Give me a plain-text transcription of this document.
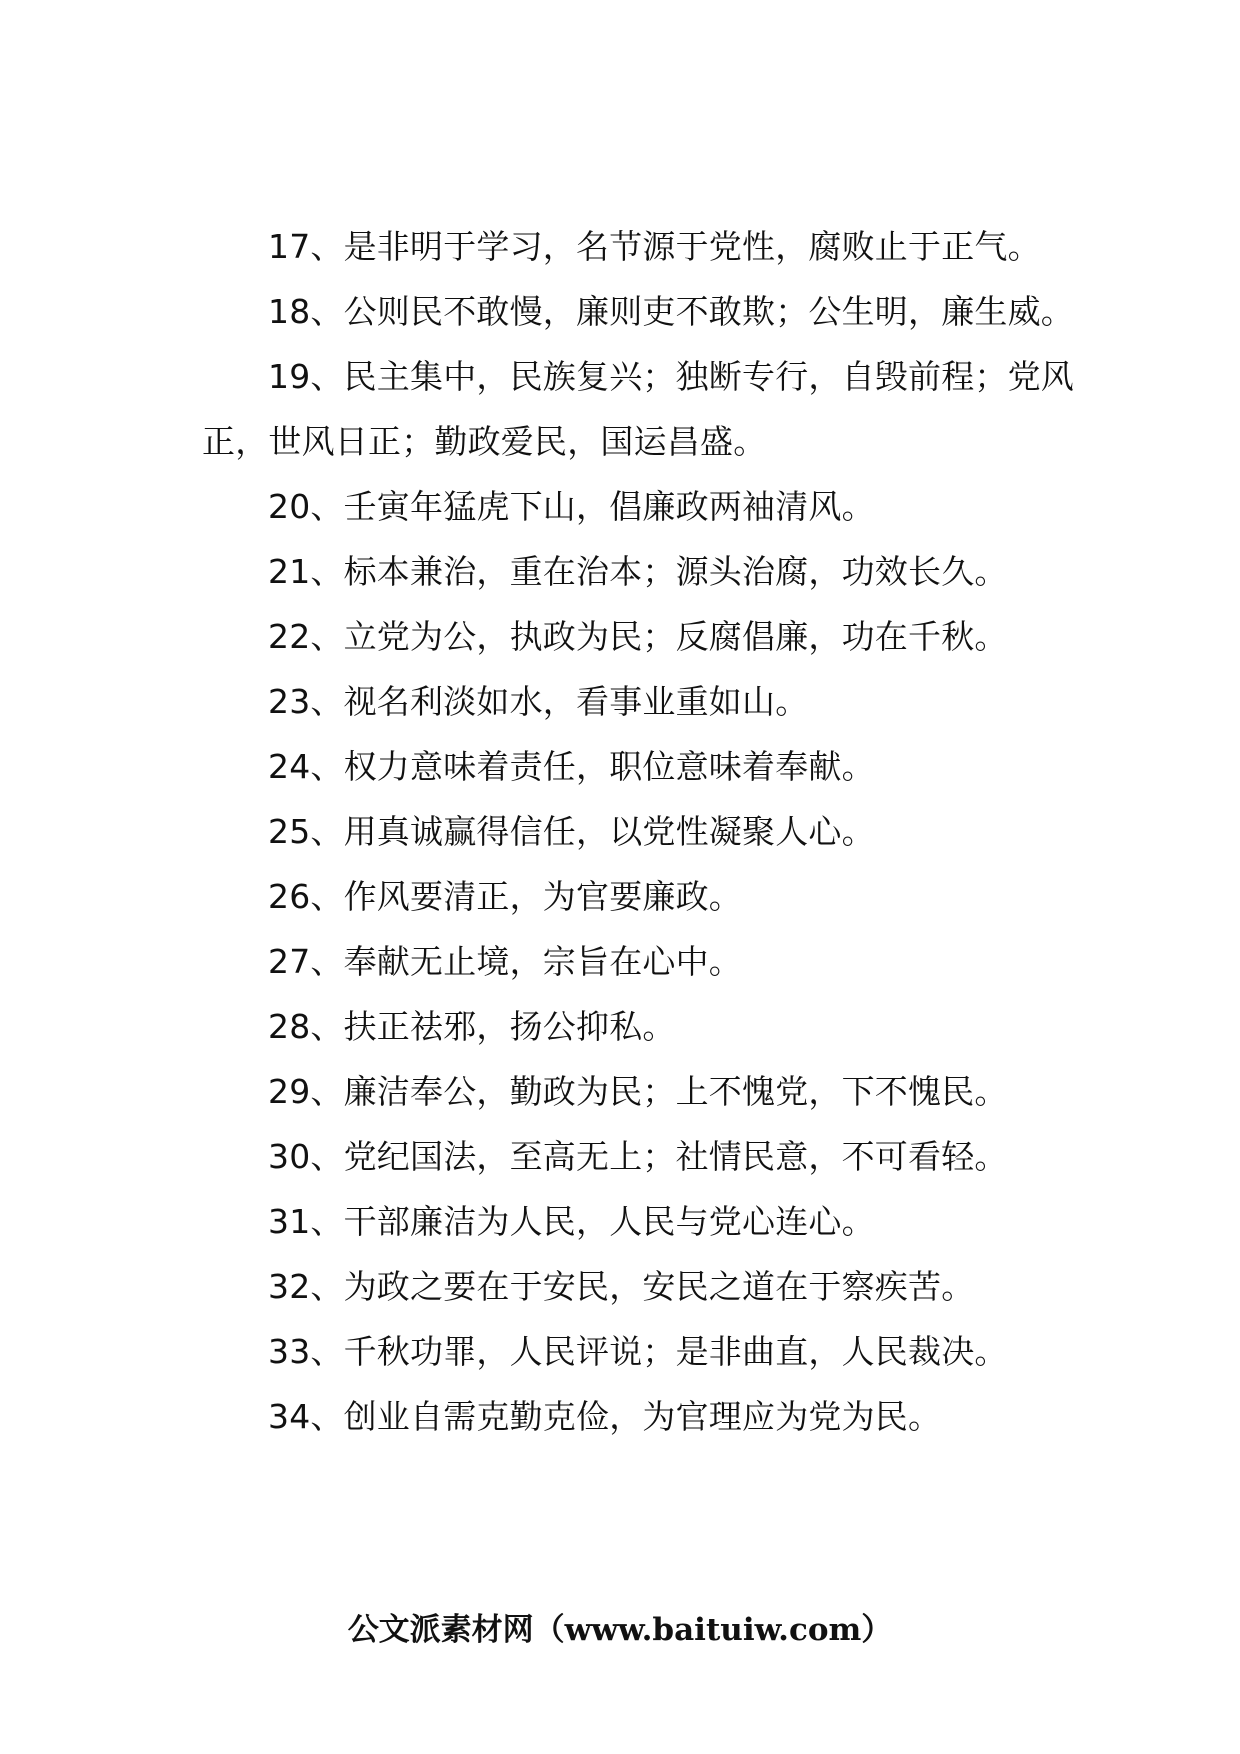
17、是非明于学习，名节源于党性，腐败止于正气。

18、公则民不敢慢，廉则吏不敢欺；公生明，廉生威。

19、民主集中，民族复兴；独断专行，自毁前程；党风正，世风日正；勤政爱民，国运昌盛。

20、壬寅年猛虎下山，倡廉政两袖清风。

21、标本兼治，重在治本；源头治腐，功效长久。

22、立党为公，执政为民；反腐倡廉，功在千秋。

23、视名利淡如水，看事业重如山。

24、权力意味着责任，职位意味着奉献。

25、用真诚赢得信任，以党性凝聚人心。

26、作风要清正，为官要廉政。

27、奉献无止境，宗旨在心中。

28、扶正祛邪，扬公抑私。

29、廉洁奉公，勤政为民；上不愧党，下不愧民。

30、党纪国法，至高无上；社情民意，不可看轻。

31、干部廉洁为人民，人民与党心连心。

32、为政之要在于安民，安民之道在于察疾苦。

33、千秋功罪，人民评说；是非曲直，人民裁决。

34、创业自需克勤克俭，为官理应为党为民。

公文派素材网（www.baituiw.com）
